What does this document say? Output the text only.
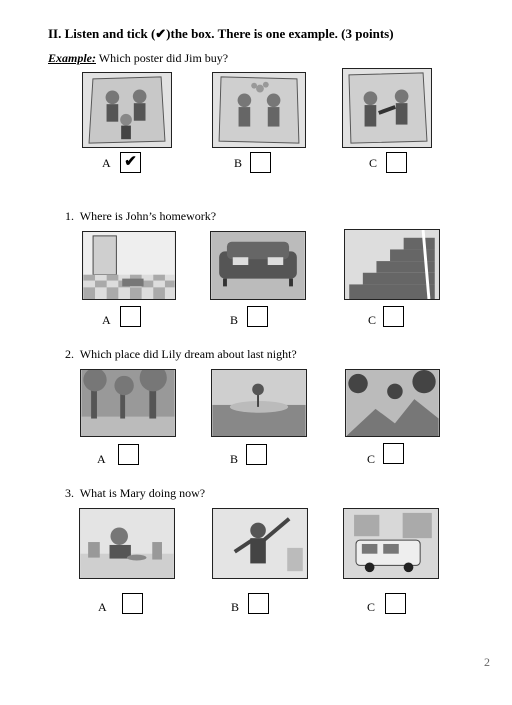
II. Listen and tick (✔)the box. There is one example. (3 points)
Example: Which poster did Jim buy?
A ✔	B	C
1. Where is John’s homework?
A	B	C
2. Which place did Lily dream about last night?
A	B	C
3. What is Mary doing now?
A	B	C
2
